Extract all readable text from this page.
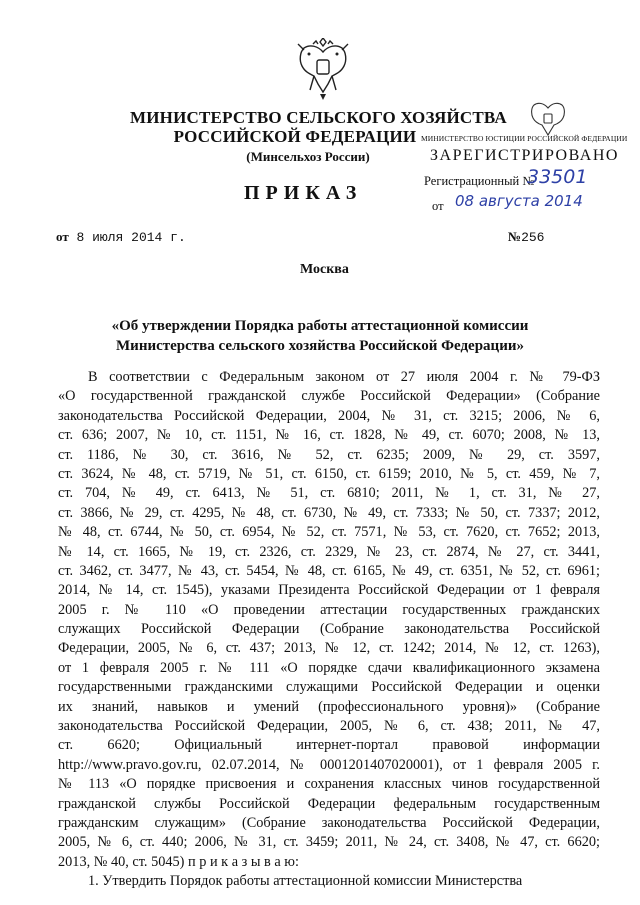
МИНИСТЕРСТВО СЕЛЬСКОГО ХОЗЯЙСТВА
РОССИЙСКОЙ ФЕДЕРАЦИИ
(Минсельхоз России)
ПРИКАЗ
МИНИСТЕРСТВО ЮСТИЦИИ РОССИЙСКОЙ ФЕДЕРАЦИИ
ЗАРЕГИСТРИРОВАНО
Регистрационный №
33501
от 08 августа 2014
от 8 июля 2014 г.	№256
Москва
«Об утверждении Порядка работы аттестационной комиссии
Министерства сельского хозяйства Российской Федерации»
В соответствии с Федеральным законом от 27 июля 2004 г. № 79-ФЗ
«О государственной гражданской службе Российской Федерации» (Собрание
законодательства Российской Федерации, 2004, № 31, ст. 3215; 2006, № 6,
ст. 636; 2007, № 10, ст. 1151, № 16, ст. 1828, № 49, ст. 6070; 2008, № 13,
ст. 1186, № 30, ст. 3616, № 52, ст. 6235; 2009, № 29, ст. 3597,
ст. 3624, № 48, ст. 5719, № 51, ст. 6150, ст. 6159; 2010, № 5, ст. 459, № 7,
ст. 704, № 49, ст. 6413, № 51, ст. 6810; 2011, № 1, ст. 31, № 27,
ст. 3866, № 29, ст. 4295, № 48, ст. 6730, № 49, ст. 7333; № 50, ст. 7337; 2012,
№ 48, ст. 6744, № 50, ст. 6954, № 52, ст. 7571, № 53, ст. 7620, ст. 7652; 2013,
№ 14, ст. 1665, № 19, ст. 2326, ст. 2329, № 23, ст. 2874, № 27, ст. 3441,
ст. 3462, ст. 3477, № 43, ст. 5454, № 48, ст. 6165, № 49, ст. 6351, № 52, ст. 6961;
2014, № 14, ст. 1545), указами Президента Российской Федерации от 1 февраля
2005 г. № 110 «О проведении аттестации государственных гражданских
служащих Российской Федерации (Собрание законодательства Российской
Федерации, 2005, № 6, ст. 437; 2013, № 12, ст. 1242; 2014, № 12, ст. 1263),
от 1 февраля 2005 г. № 111 «О порядке сдачи квалификационного экзамена
государственными гражданскими служащими Российской Федерации и оценки
их знаний, навыков и умений (профессионального уровня)» (Собрание
законодательства Российской Федерации, 2005, № 6, ст. 438; 2011, № 47,
ст. 6620; Официальный интернет-портал правовой информации
http://www.pravo.gov.ru, 02.07.2014, № 0001201407020001), от 1 февраля 2005 г.
№ 113 «О порядке присвоения и сохранения классных чинов государственной
гражданской службы Российской Федерации федеральным государственным
гражданским служащим» (Собрание законодательства Российской Федерации,
2005, № 6, ст. 440; 2006, № 31, ст. 3459; 2011, № 24, ст. 3408, № 47, ст. 6620;
2013, № 40, ст. 5045) п р и к а з ы в а ю:
1. Утвердить Порядок работы аттестационной комиссии Министерства
